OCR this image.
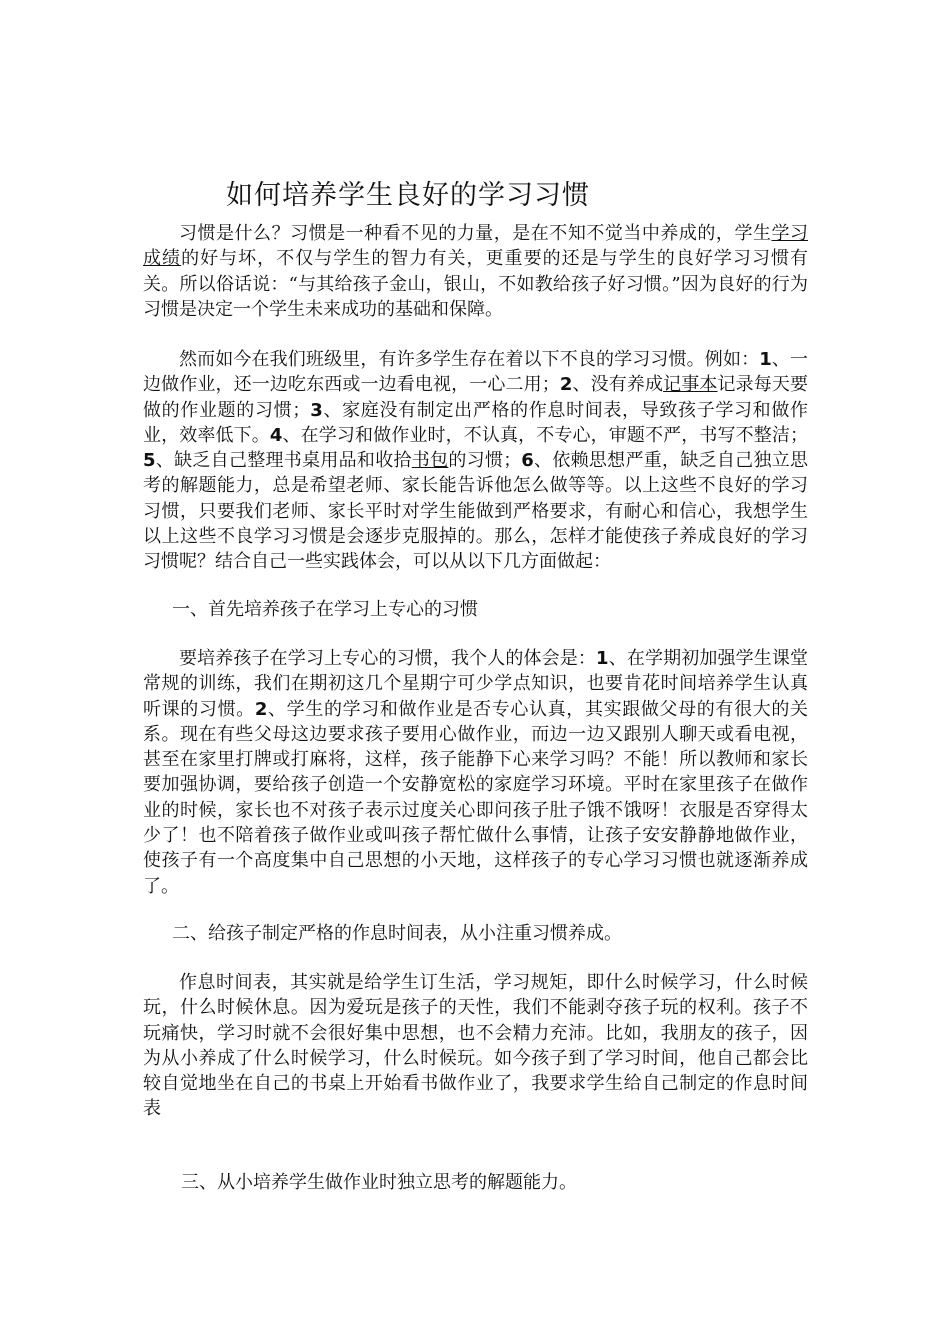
如何培养学生良好的学习习惯
习惯是什么？习惯是一种看不见的力量，是在不知不觉当中养成的，学生学习成绩的好与坏，不仅与学生的智力有关，更重要的还是与学生的良好学习习惯有关。所以俗话说：“与其给孩子金山，银山，不如教给孩子好习惯。”因为良好的行为习惯是决定一个学生未来成功的基础和保障。
然而如今在我们班级里，有许多学生存在着以下不良的学习习惯。例如：1、一边做作业，还一边吃东西或一边看电视，一心二用；2、没有养成记事本记录每天要做的作业题的习惯；3、家庭没有制定出严格的作息时间表，导致孩子学习和做作业，效率低下。4、在学习和做作业时，不认真，不专心，审题不严，书写不整洁；5、缺乏自己整理书桌用品和收拾书包的习惯；6、依赖思想严重，缺乏自己独立思考的解题能力，总是希望老师、家长能告诉他怎么做等等。以上这些不良好的学习习惯，只要我们老师、家长平时对学生能做到严格要求，有耐心和信心，我想学生以上这些不良学习习惯是会逐步克服掉的。那么，怎样才能使孩子养成良好的学习习惯呢？结合自己一些实践体会，可以从以下几方面做起：
一、首先培养孩子在学习上专心的习惯
要培养孩子在学习上专心的习惯，我个人的体会是：1、在学期初加强学生课堂常规的训练，我们在期初这几个星期宁可少学点知识，也要肯花时间培养学生认真听课的习惯。2、学生的学习和做作业是否专心认真，其实跟做父母的有很大的关系。现在有些父母这边要求孩子要用心做作业，而边一边又跟别人聊天或看电视，甚至在家里打牌或打麻将，这样，孩子能静下心来学习吗？不能！所以教师和家长要加强协调，要给孩子创造一个安静宽松的家庭学习环境。平时在家里孩子在做作业的时候，家长也不对孩子表示过度关心即问孩子肚子饿不饿呀！衣服是否穿得太少了！也不陪着孩子做作业或叫孩子帮忙做什么事情，让孩子安安静静地做作业，使孩子有一个高度集中自己思想的小天地，这样孩子的专心学习习惯也就逐渐养成了。
二、给孩子制定严格的作息时间表，从小注重习惯养成。
作息时间表，其实就是给学生订生活，学习规矩，即什么时候学习，什么时候玩，什么时候休息。因为爱玩是孩子的天性，我们不能剥夺孩子玩的权利。孩子不玩痛快，学习时就不会很好集中思想，也不会精力充沛。比如，我朋友的孩子，因为从小养成了什么时候学习，什么时候玩。如今孩子到了学习时间，他自己都会比较自觉地坐在自己的书桌上开始看书做作业了，我要求学生给自己制定的作息时间表
三、从小培养学生做作业时独立思考的解题能力。
